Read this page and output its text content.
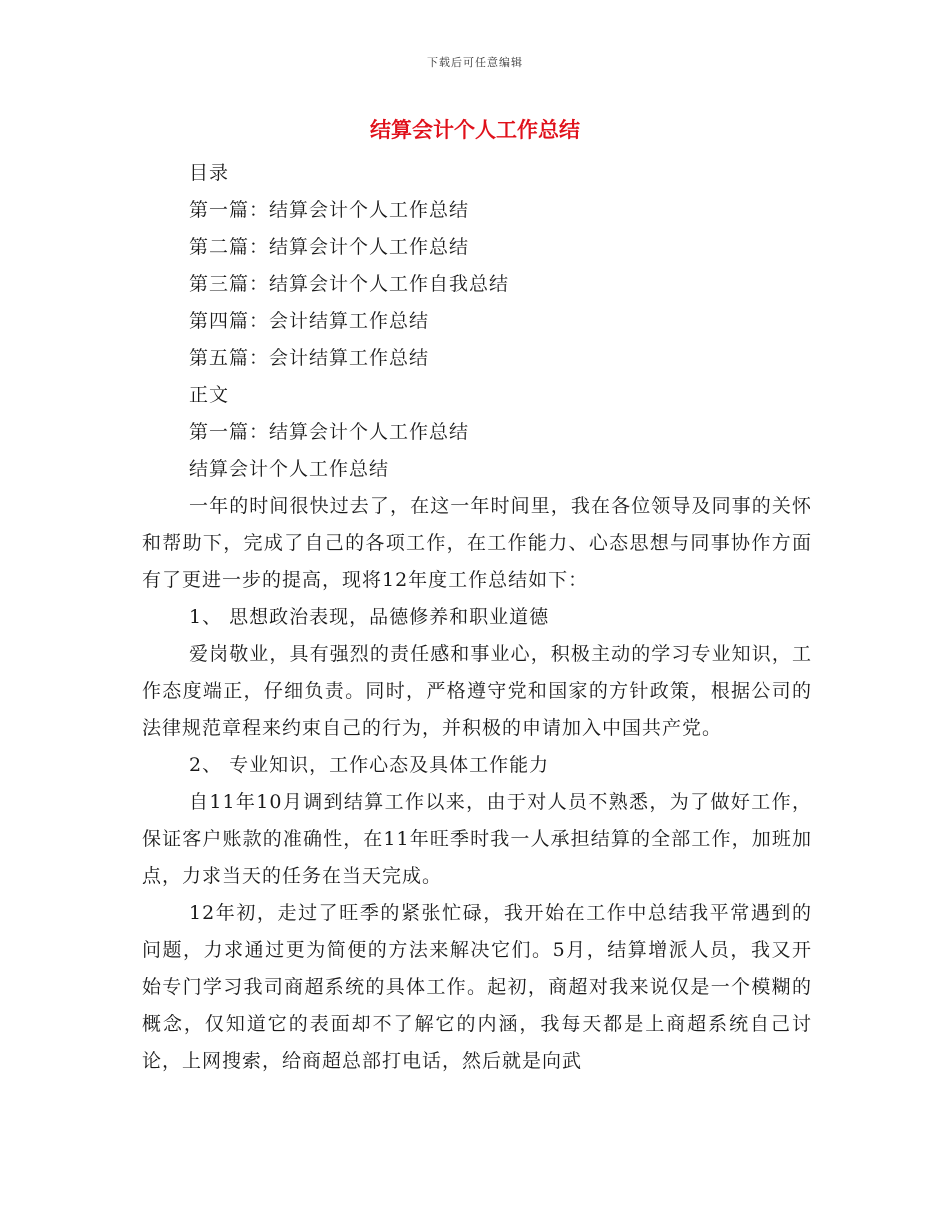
下载后可任意编辑
结算会计个人工作总结
目录
第一篇：结算会计个人工作总结
第二篇：结算会计个人工作总结
第三篇：结算会计个人工作自我总结
第四篇：会计结算工作总结
第五篇：会计结算工作总结
正文
第一篇：结算会计个人工作总结
结算会计个人工作总结

一年的时间很快过去了，在这一年时间里，我在各位领导及同事的关怀和帮助下，完成了自己的各项工作，在工作能力、心态思想与同事协作方面有了更进一步的提高，现将12年度工作总结如下：

1、 思想政治表现，品德修养和职业道德

爱岗敬业，具有强烈的责任感和事业心，积极主动的学习专业知识，工作态度端正，仔细负责。同时，严格遵守党和国家的方针政策，根据公司的法律规范章程来约束自己的行为，并积极的申请加入中国共产党。

2、 专业知识，工作心态及具体工作能力

自11年10月调到结算工作以来，由于对人员不熟悉，为了做好工作，保证客户账款的准确性，在11年旺季时我一人承担结算的全部工作，加班加点，力求当天的任务在当天完成。

12年初，走过了旺季的紧张忙碌，我开始在工作中总结我平常遇到的问题，力求通过更为简便的方法来解决它们。5月，结算增派人员，我又开始专门学习我司商超系统的具体工作。起初，商超对我来说仅是一个模糊的概念，仅知道它的表面却不了解它的内涵，我每天都是上商超系统自己讨论，上网搜索，给商超总部打电话，然后就是向武
